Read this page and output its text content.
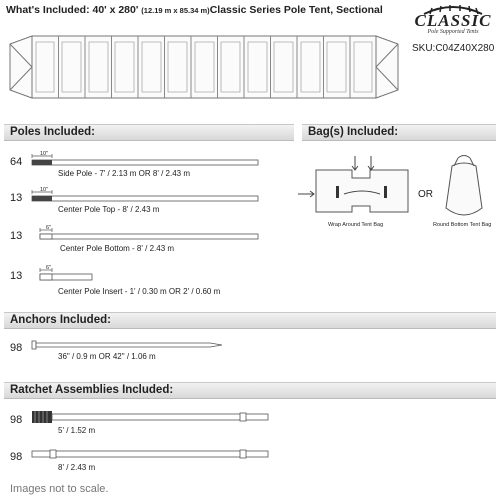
What's Included: 40' x 280' (12.19 m x 85.34 m)Classic Series Pole Tent, Sectional
CLASSIC
Pole Supported Tents
SKU:C04Z40X280
Poles Included:	Bag(s) Included:
64
10"
Side Pole - 7' / 2.13 m OR 8' / 2.43 m
13
10"
Center Pole Top - 8' / 2.43 m
13
6"
Center Pole Bottom - 8' / 2.43 m
13
6"
Center Pole Insert - 1' / 0.30 m OR 2' / 0.60 m
Wrap Around Tent Bag
OR
Round Bottom Tent Bag
Anchors Included:
98
36" / 0.9 m OR 42" / 1.06 m
Ratchet Assemblies Included:
98
5' / 1.52 m
98
8' / 2.43 m
Images not to scale.
